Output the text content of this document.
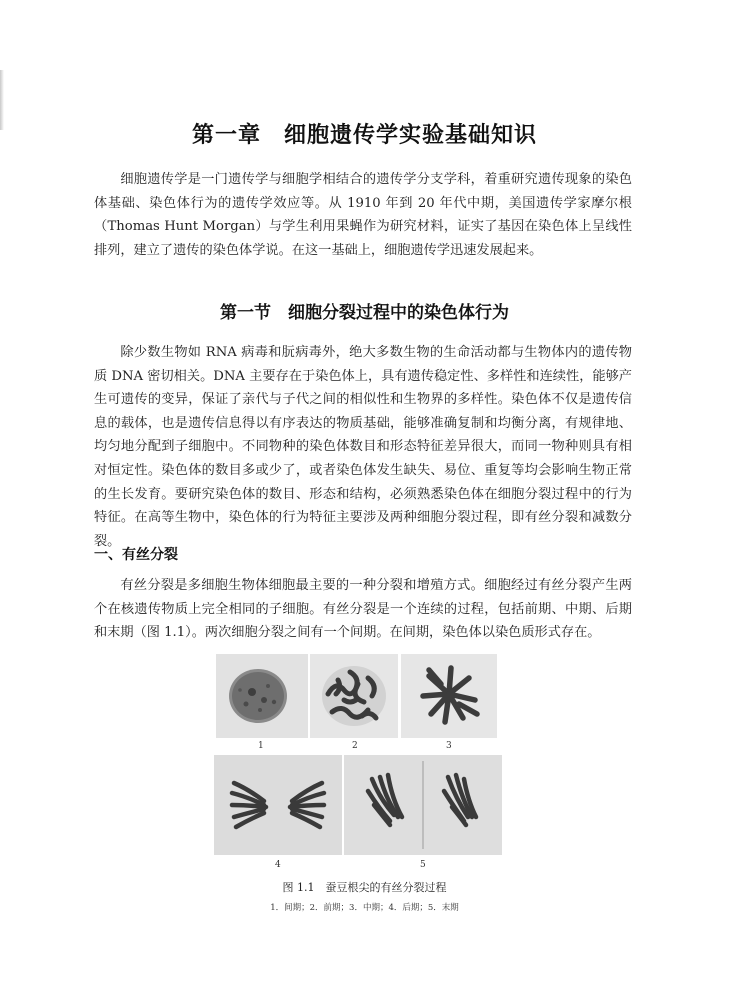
第一章　细胞遗传学实验基础知识
细胞遗传学是一门遗传学与细胞学相结合的遗传学分支学科，着重研究遗传现象的染色体基础、染色体行为的遗传学效应等。从 1910 年到 20 年代中期，美国遗传学家摩尔根（Thomas Hunt Morgan）与学生利用果蝇作为研究材料，证实了基因在染色体上呈线性排列，建立了遗传的染色体学说。在这一基础上，细胞遗传学迅速发展起来。
第一节　细胞分裂过程中的染色体行为
除少数生物如 RNA 病毒和朊病毒外，绝大多数生物的生命活动都与生物体内的遗传物质 DNA 密切相关。DNA 主要存在于染色体上，具有遗传稳定性、多样性和连续性，能够产生可遗传的变异，保证了亲代与子代之间的相似性和生物界的多样性。染色体不仅是遗传信息的载体，也是遗传信息得以有序表达的物质基础，能够准确复制和均衡分离，有规律地、均匀地分配到子细胞中。不同物种的染色体数目和形态特征差异很大，而同一物种则具有相对恒定性。染色体的数目多或少了，或者染色体发生缺失、易位、重复等均会影响生物正常的生长发育。要研究染色体的数目、形态和结构，必须熟悉染色体在细胞分裂过程中的行为特征。在高等生物中，染色体的行为特征主要涉及两种细胞分裂过程，即有丝分裂和减数分裂。
一、有丝分裂
有丝分裂是多细胞生物体细胞最主要的一种分裂和增殖方式。细胞经过有丝分裂产生两个在核遗传物质上完全相同的子细胞。有丝分裂是一个连续的过程，包括前期、中期、后期和末期（图 1.1）。两次细胞分裂之间有一个间期。在间期，染色体以染色质形式存在。
1	2	3
4	5
图 1.1　蚕豆根尖的有丝分裂过程
1．间期；2．前期；3．中期；4．后期；5．末期
